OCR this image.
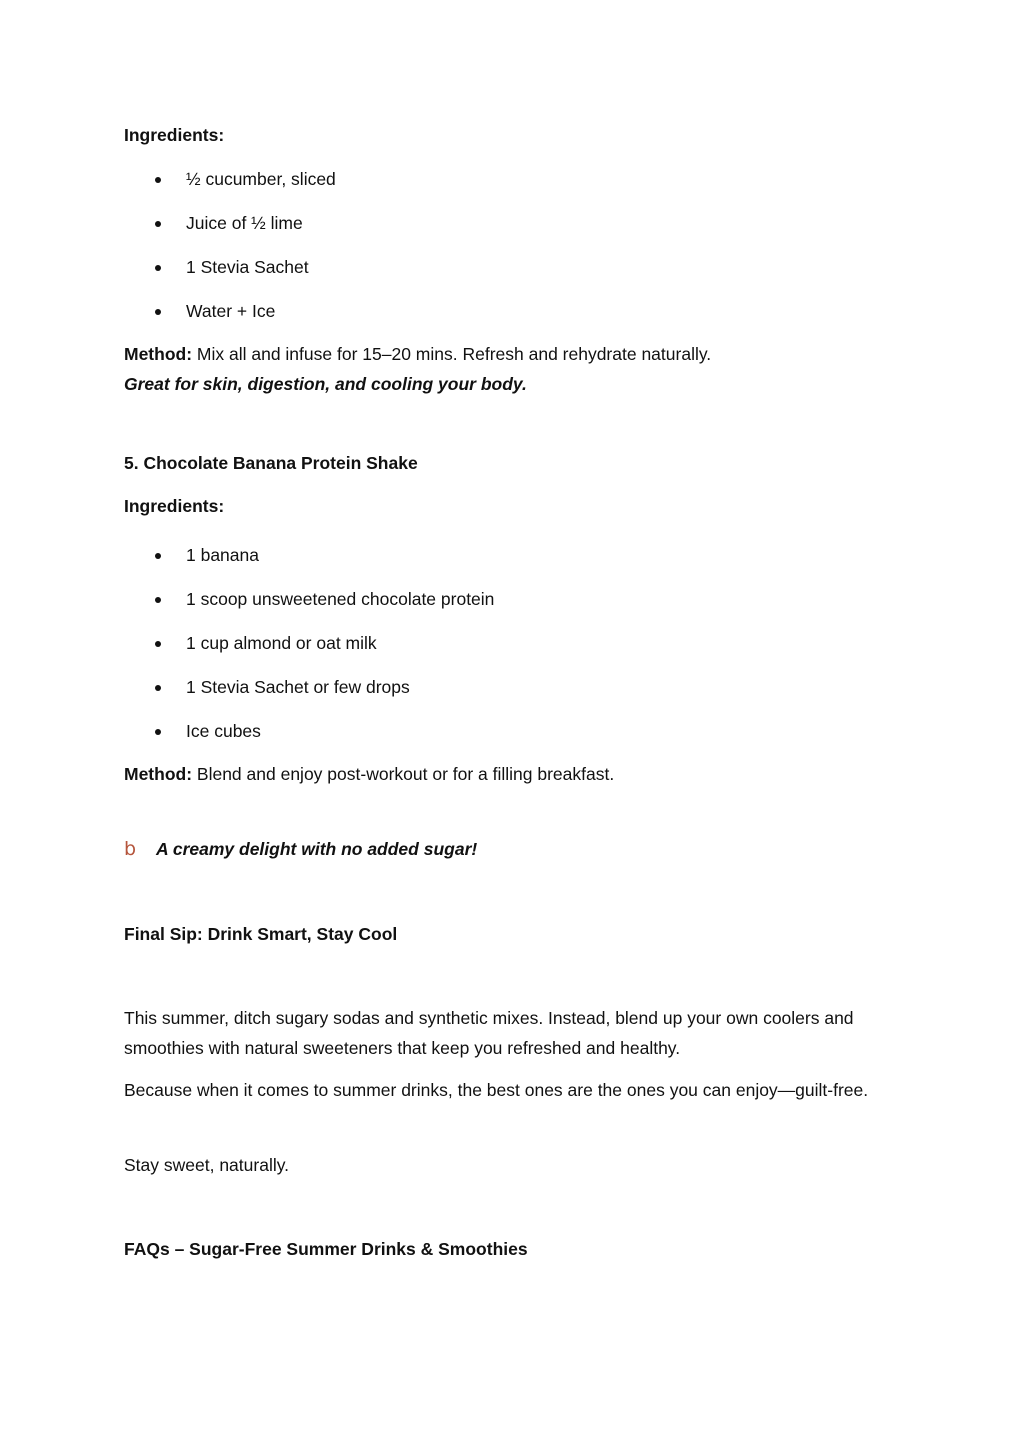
Ingredients:
½ cucumber, sliced
Juice of ½ lime
1 Stevia Sachet
Water + Ice
Method: Mix all and infuse for 15–20 mins. Refresh and rehydrate naturally.
Great for skin, digestion, and cooling your body.
5. Chocolate Banana Protein Shake
Ingredients:
1 banana
1 scoop unsweetened chocolate protein
1 cup almond or oat milk
1 Stevia Sachet or few drops
Ice cubes
Method: Blend and enjoy post-workout or for a filling breakfast.
b A creamy delight with no added sugar!
Final Sip: Drink Smart, Stay Cool
This summer, ditch sugary sodas and synthetic mixes. Instead, blend up your own coolers and smoothies with natural sweeteners that keep you refreshed and healthy.
Because when it comes to summer drinks, the best ones are the ones you can enjoy—guilt-free.
Stay sweet, naturally.
FAQs – Sugar-Free Summer Drinks & Smoothies
